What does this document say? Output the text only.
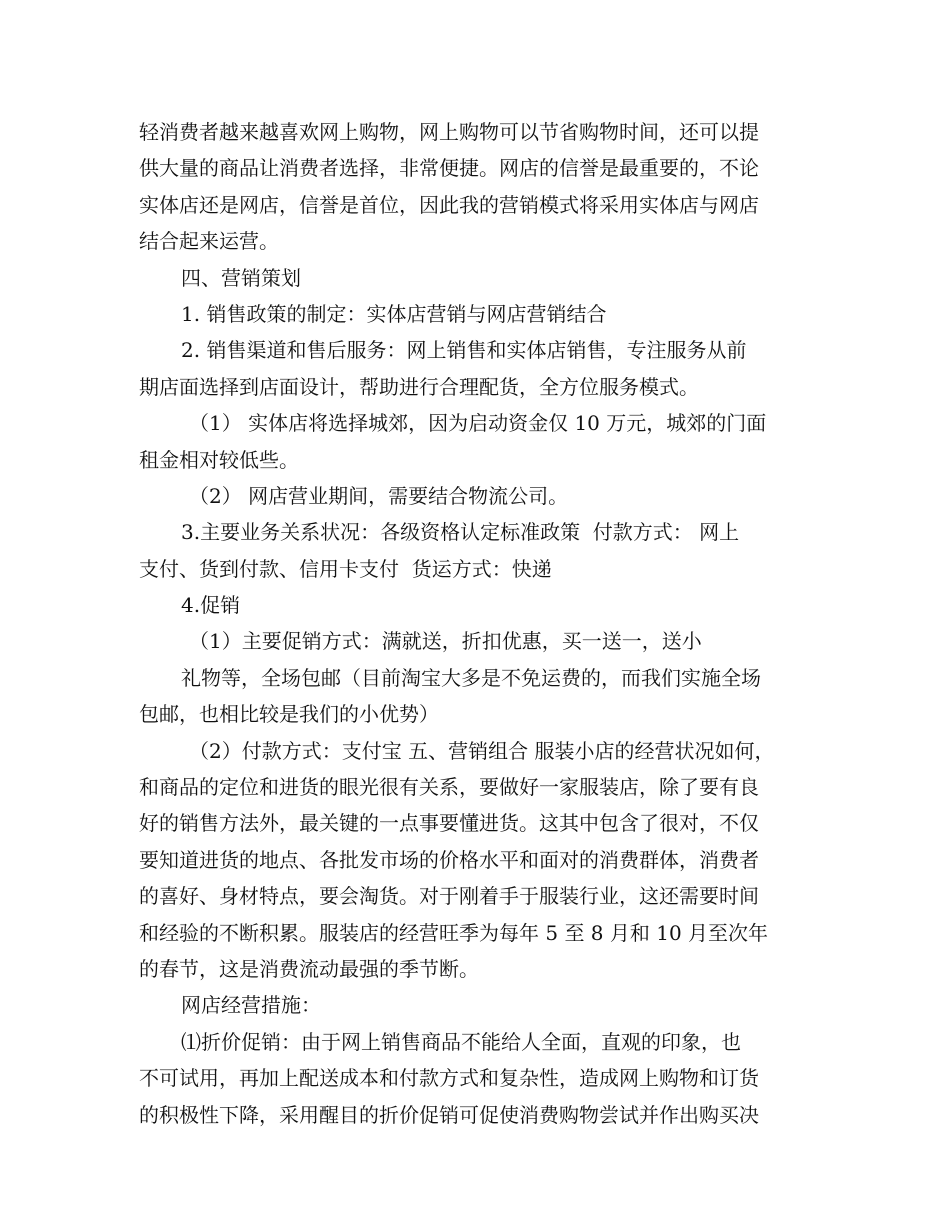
轻消费者越来越喜欢网上购物，网上购物可以节省购物时间，还可以提
供大量的商品让消费者选择，非常便捷。网店的信誉是最重要的，不论
实体店还是网店，信誉是首位，因此我的营销模式将采用实体店与网店
结合起来运营。
四、营销策划
1. 销售政策的制定：实体店营销与网店营销结合
2. 销售渠道和售后服务：网上销售和实体店销售，专注服务从前
期店面选择到店面设计，帮助进行合理配货，全方位服务模式。
（1） 实体店将选择城郊，因为启动资金仅 10 万元，城郊的门面
租金相对较低些。
（2） 网店营业期间，需要结合物流公司。
3.主要业务关系状况：各级资格认定标准政策  付款方式： 网上
支付、货到付款、信用卡支付  货运方式：快递
4.促销
（1）主要促销方式：满就送，折扣优惠，买一送一，送小
礼物等，全场包邮（目前淘宝大多是不免运费的，而我们实施全场
包邮，也相比较是我们的小优势）
（2）付款方式：支付宝 五、营销组合 服装小店的经营状况如何，
和商品的定位和进货的眼光很有关系，要做好一家服装店，除了要有良
好的销售方法外，最关键的一点事要懂进货。这其中包含了很对，不仅
要知道进货的地点、各批发市场的价格水平和面对的消费群体，消费者
的喜好、身材特点，要会淘货。对于刚着手于服装行业，这还需要时间
和经验的不断积累。服装店的经营旺季为每年 5 至 8 月和 10 月至次年
的春节，这是消费流动最强的季节断。
网店经营措施：
⑴折价促销：由于网上销售商品不能给人全面，直观的印象，也
不可试用，再加上配送成本和付款方式和复杂性，造成网上购物和订货
的积极性下降，采用醒目的折价促销可促使消费购物尝试并作出购买决
